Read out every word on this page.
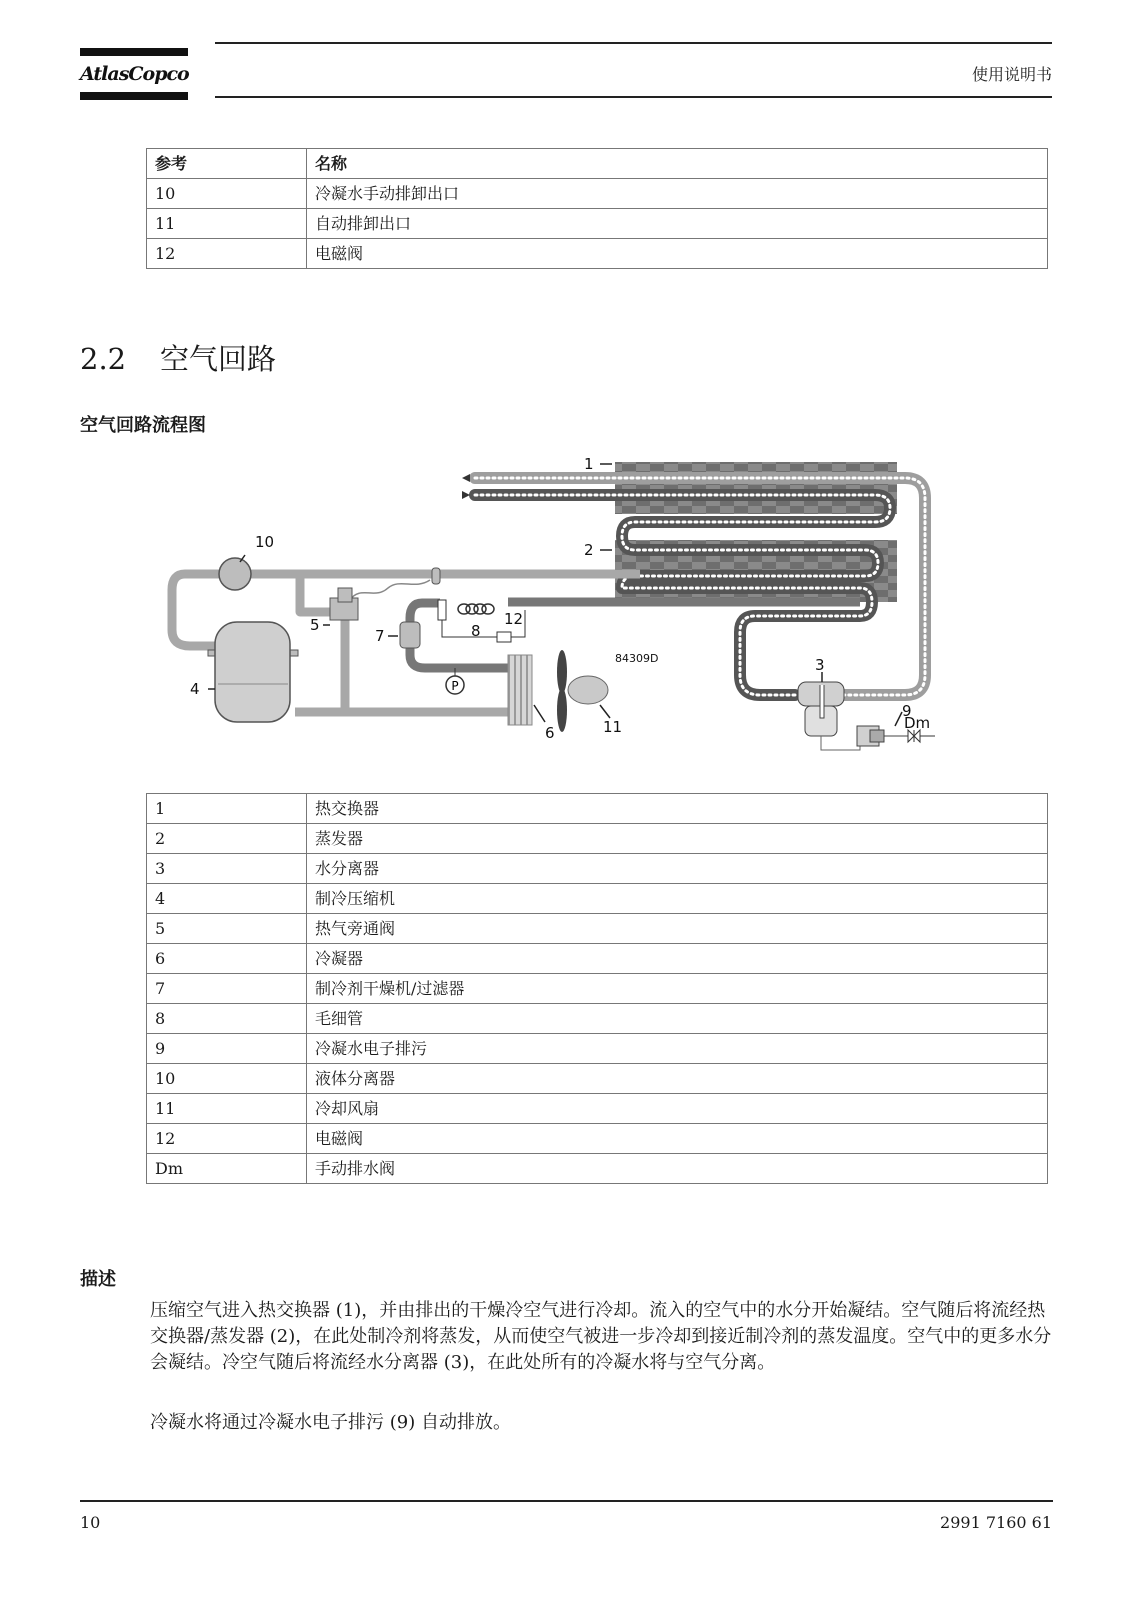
AtlasCopco	使用说明书
参考	名称
10	冷凝水手动排卸出口
11	自动排卸出口
12	电磁阀
2.2 空气回路
空气回路流程图
P
1
2
3
4
5
6
7	8
9
10
11
12
Dm
84309D
1	热交换器
2	蒸发器
3	水分离器
4	制冷压缩机
5	热气旁通阀
6	冷凝器
7	制冷剂干燥机/过滤器
8	毛细管
9	冷凝水电子排污
10	液体分离器
11	冷却风扇
12	电磁阀
Dm	手动排水阀
描述
压缩空气进入热交换器 (1)，并由排出的干燥冷空气进行冷却。流入的空气中的水分开始凝结。空气随后将流经热交换器/蒸发器 (2)，在此处制冷剂将蒸发，从而使空气被进一步冷却到接近制冷剂的蒸发温度。空气中的更多水分会凝结。冷空气随后将流经水分离器 (3)，在此处所有的冷凝水将与空气分离。
冷凝水将通过冷凝水电子排污 (9) 自动排放。
10	2991 7160 61
